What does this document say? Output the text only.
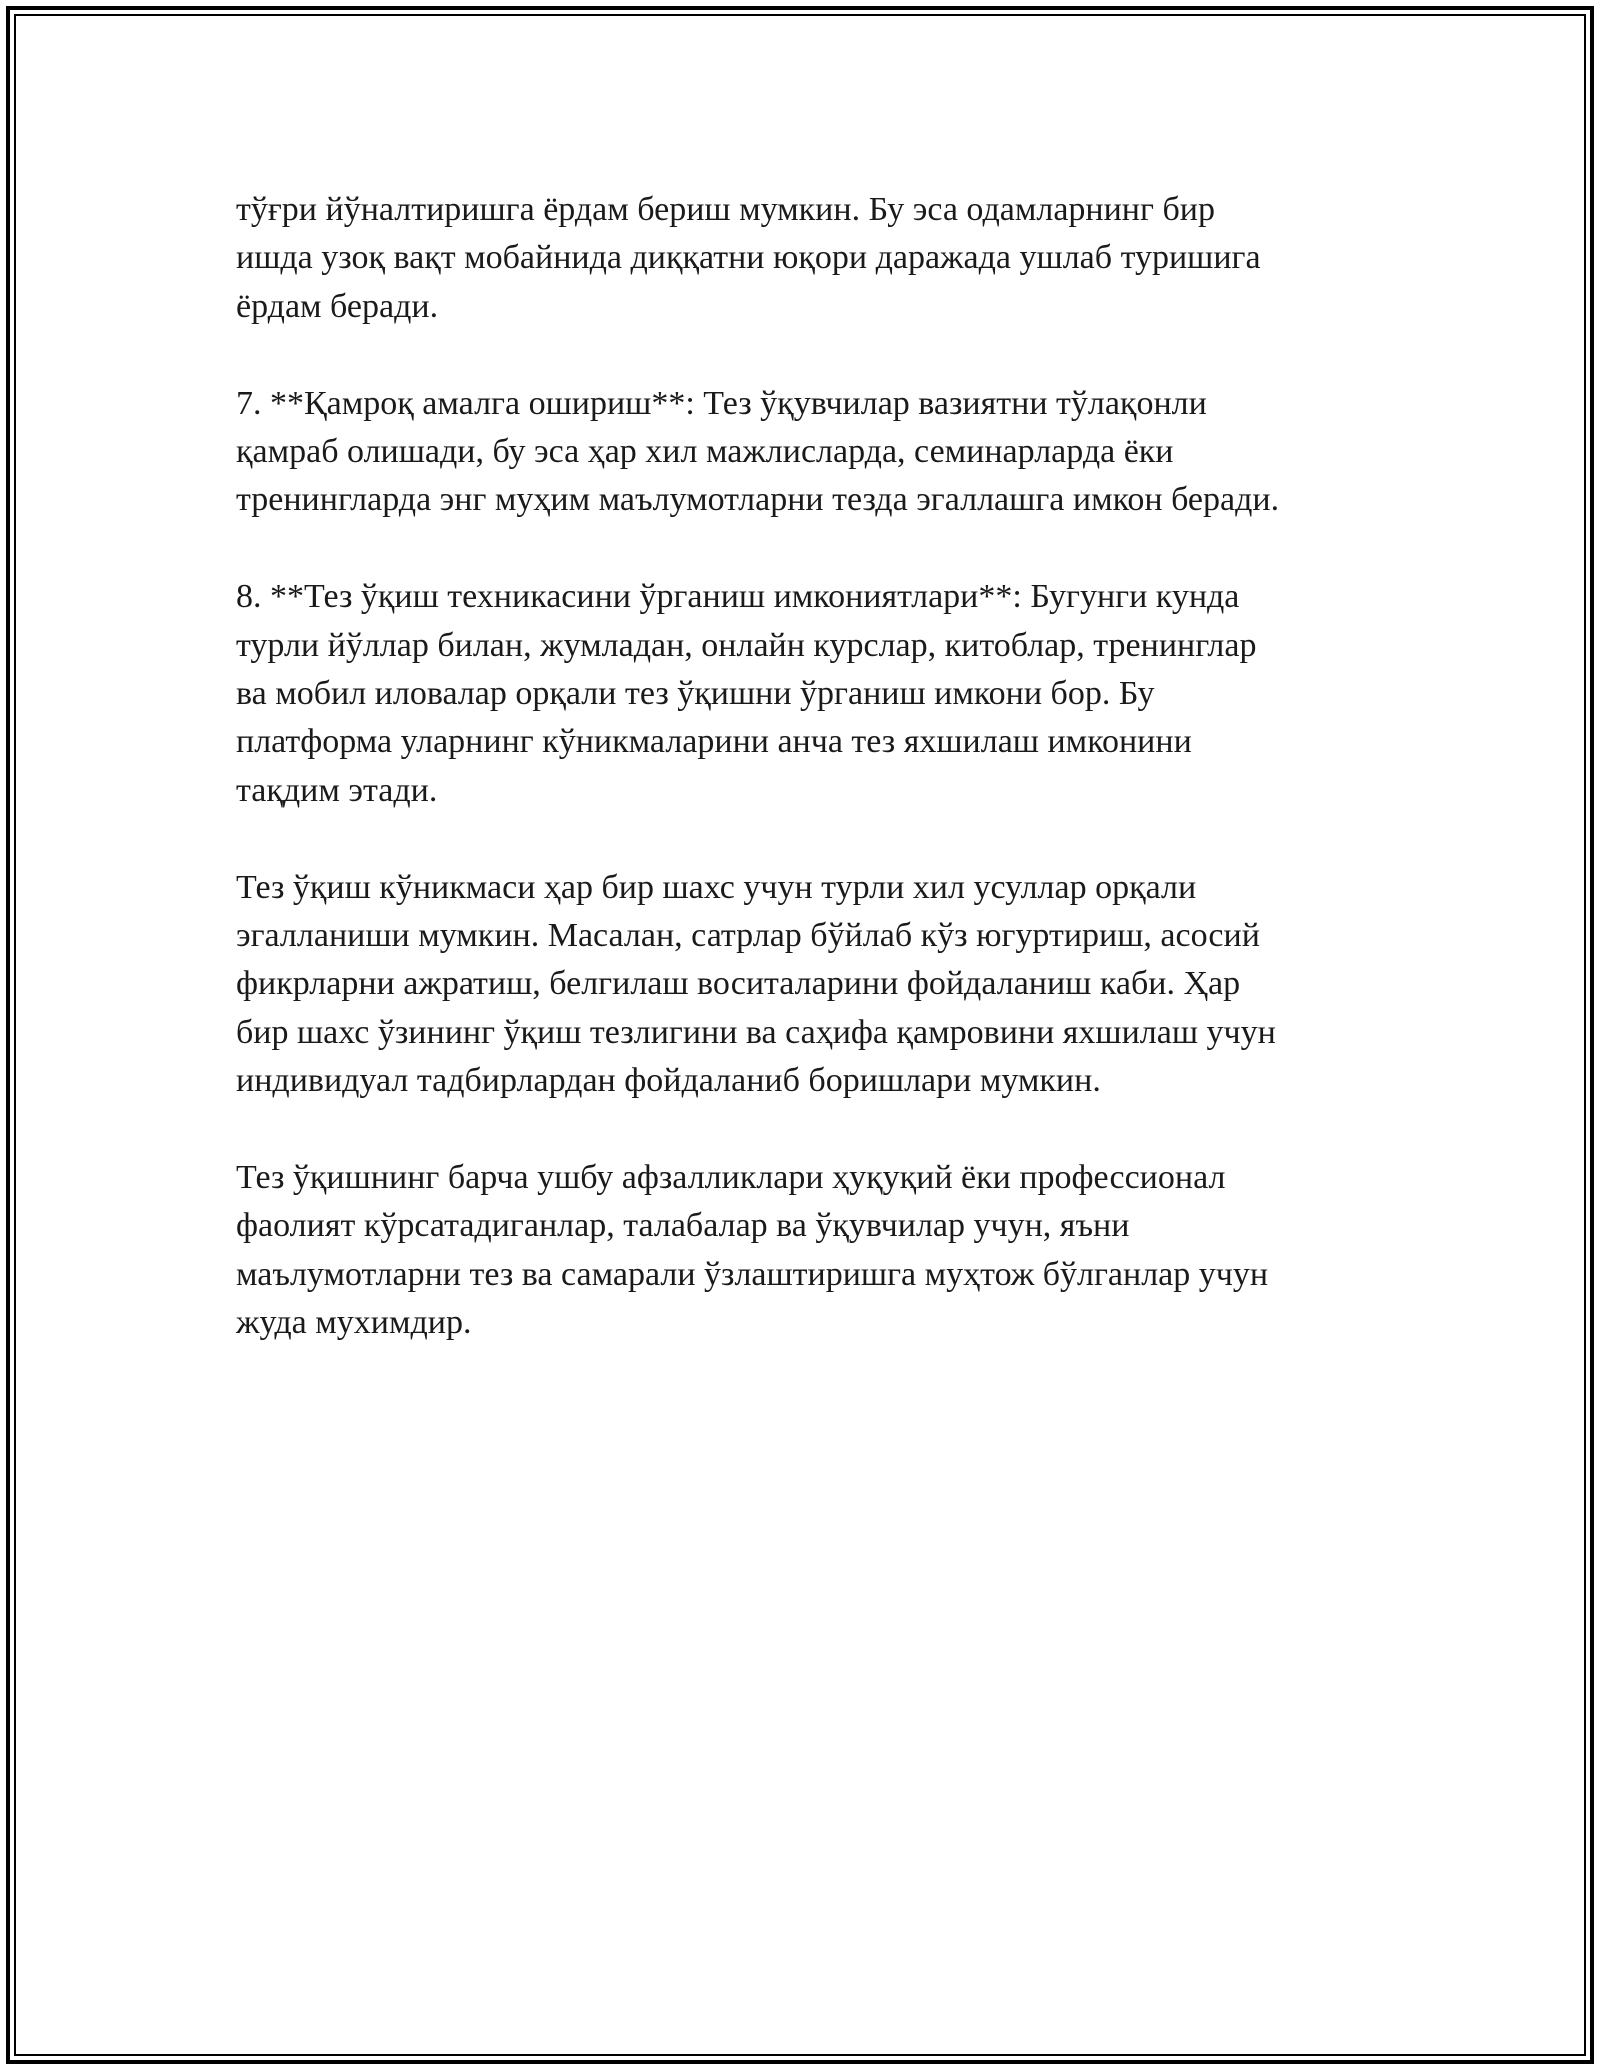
тўғри йўналтиришга ёрдам бериш мумкин. Бу эса одамларнинг бир
ишда узоқ вақт мобайнида диққатни юқори даражада ушлаб туришига
ёрдам беради.

7. **Қамроқ амалга ошириш**: Тез ўқувчилар вазиятни тўлақонли
қамраб олишади, бу эса ҳар хил мажлисларда, семинарларда ёки
тренингларда энг муҳим маълумотларни тезда эгаллашга имкон беради.

8. **Тез ўқиш техникасини ўрганиш имкониятлари**: Бугунги кунда
турли йўллар билан, жумладан, онлайн курслар, китоблар, тренинглар
ва мобил иловалар орқали тез ўқишни ўрганиш имкони бор. Бу
платформа уларнинг кўникмаларини анча тез яхшилаш имконини
тақдим этади.

Тез ўқиш кўникмаси ҳар бир шахс учун турли хил усуллар орқали
эгалланиши мумкин. Масалан, сатрлар бўйлаб кўз югуртириш, асосий
фикрларни ажратиш, белгилаш воситаларини фойдаланиш каби. Ҳар
бир шахс ўзининг ўқиш тезлигини ва саҳифа қамровини яхшилаш учун
индивидуал тадбирлардан фойдаланиб боришлари мумкин.

Тез ўқишнинг барча ушбу афзалликлари ҳуқуқий ёки профессионал
фаолият кўрсатадиганлар, талабалар ва ўқувчилар учун, яъни
маълумотларни тез ва самарали ўзлаштиришга муҳтож бўлганлар учун
жуда мухимдир.
